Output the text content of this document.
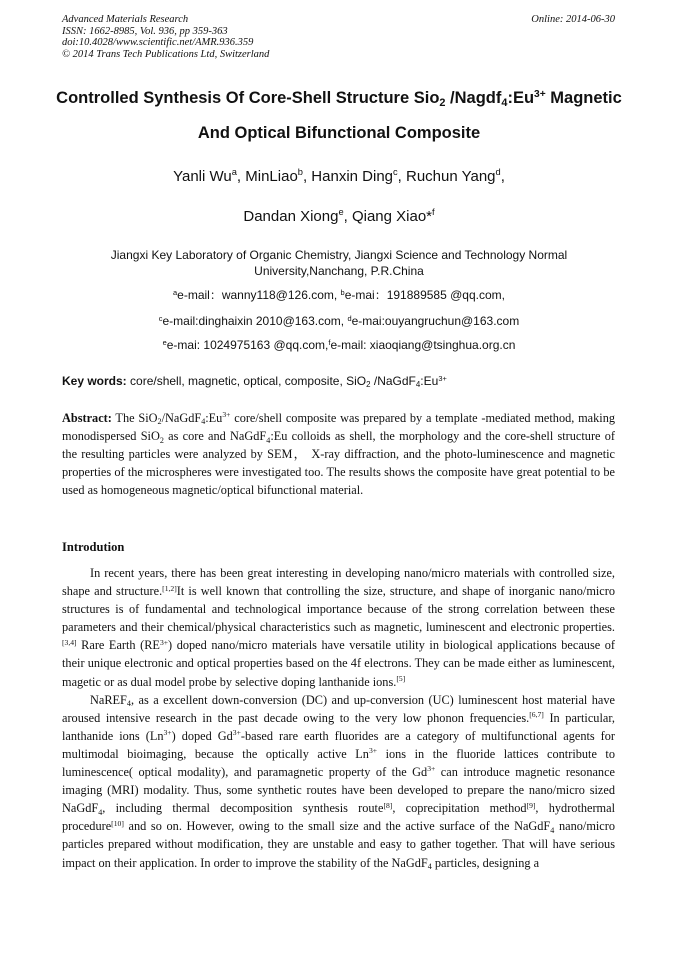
Advanced Materials Research
ISSN: 1662-8985, Vol. 936, pp 359-363
doi:10.4028/www.scientific.net/AMR.936.359
© 2014 Trans Tech Publications Ltd, Switzerland
Online: 2014-06-30
Controlled Synthesis Of Core-Shell Structure Sio$_2$ $/Nagdf_4:Eu^{3+}$ Magnetic
And Optical Bifunctional Composite
Yanli Wu$^a$, MinLiao$^b$, Hanxin Ding$^c$, Ruchun Yang$^d$,
Dandan Xiong$^e$, Qiang Xiao*$^f$
Jiangxi Key Laboratory of Organic Chemistry, Jiangxi Science and Technology Normal University,Nanchang, P.R.China
$^a$e-mail：wanny118@126.com, $^b$e-mai：191889585 @qq.com,
$^c$e-mail:dinghaixin 2010@163.com, $^d$e-mai:ouyangruchun@163.com
$^e$e-mai: 1024975163 @qq.com,$^f$e-mail: xiaoqiang@tsinghua.org.cn
Key words: core/shell, magnetic, optical, composite, SiO$_2$ $/NaGdF_4:Eu^{3+}$
Abstract: The $SiO_2/NaGdF_4:Eu^{3+}$ core/shell composite was prepared by a template -mediated method, making monodispersed SiO$_2$ as core and NaGdF$_4$:Eu colloids as shell, the morphology and the core-shell structure of the resulting particles were analyzed by SEM， X-ray diffraction, and the photo-luminescence and magnetic properties of the microspheres were investigated too. The results shows the composite have great potential to be used as homogeneous magnetic/optical bifunctional material.
Introdution

In recent years, there has been great interesting in developing nano/micro materials with controlled size, shape and structure.[1,2]It is well known that controlling the size, structure, and shape of inorganic nano/micro structures is of fundamental and technological importance because of the strong correlation between these parameters and their chemical/physical characteristics such as magnetic, luminescent and electronic properties.[3,4] Rare Earth $(RE^{3+})$ doped nano/micro materials have versatile utility in biological applications because of their unique electronic and optical properties based on the 4f electrons. They can be made either as luminescent, magetic or as dual model probe by selective doping lanthanide ions.[5]

NaREF$_4$, as a excellent down-conversion (DC) and up-conversion (UC) luminescent host material have aroused intensive research in the past decade owing to the very low phonon frequencies.[6,7] In particular, lanthanide ions $(Ln^{3+})$ doped $Gd^{3+}$-based rare earth fluorides are a category of multifunctional agents for multimodal bioimaging, because the optically active $Ln^{3+}$ ions in the fluoride lattices contribute to luminescence( optical modality), and paramagnetic property of the $Gd^{3+}$ can introduce magnetic resonance imaging (MRI) modality. Thus, some synthetic routes have been developed to prepare the nano/micro sized NaGdF$_4$, including thermal decomposition synthesis route[8], coprecipitation method[9], hydrothermal procedure[10] and so on. However, owing to the small size and the active surface of the NaGdF$_4$ nano/micro particles prepared without modification, they are unstable and easy to gather together. That will have serious impact on their application. In order to improve the stability of the NaGdF$_4$ particles, designing a
